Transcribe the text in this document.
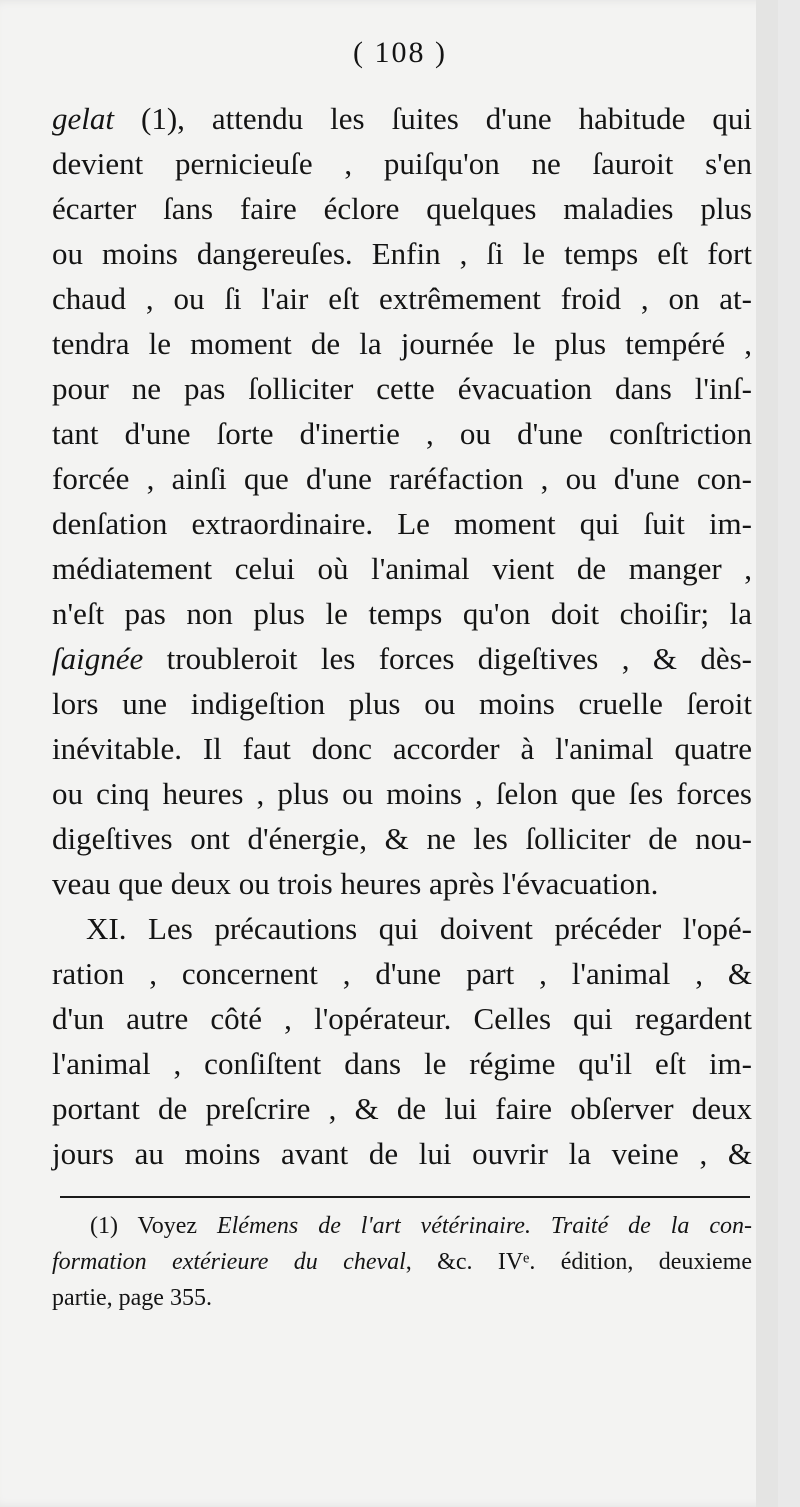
( 108 )
gelat (1), attendu les ſuites d'une habitude qui
devient pernicieuſe , puiſqu'on ne ſauroit s'en
écarter ſans faire éclore quelques maladies plus
ou moins dangereuſes. Enfin , ſi le temps eſt fort
chaud , ou ſi l'air eſt extrêmement froid , on at-
tendra le moment de la journée le plus tempéré ,
pour ne pas ſolliciter cette évacuation dans l'inſ-
tant d'une ſorte d'inertie , ou d'une conſtriction
forcée , ainſi que d'une raréfaction , ou d'une con-
denſation extraordinaire. Le moment qui ſuit im-
médiatement celui où l'animal vient de manger ,
n'eſt pas non plus le temps qu'on doit choiſir; la
ſaignée troubleroit les forces digeſtives , & dès-
lors une indigeſtion plus ou moins cruelle ſeroit
inévitable. Il faut donc accorder à l'animal quatre
ou cinq heures , plus ou moins , ſelon que ſes forces
digeſtives ont d'énergie, & ne les ſolliciter de nou-
veau que deux ou trois heures après l'évacuation.
XI. Les précautions qui doivent précéder l'opé-
ration , concernent , d'une part , l'animal , &
d'un autre côté , l'opérateur. Celles qui regardent
l'animal , conſiſtent dans le régime qu'il eſt im-
portant de preſcrire , & de lui faire obſerver deux
jours au moins avant de lui ouvrir la veine , &
(1) Voyez Elémens de l'art vétérinaire. Traité de la con-
formation extérieure du cheval, &c. IVᵉ. édition, deuxieme
partie, page 355.
